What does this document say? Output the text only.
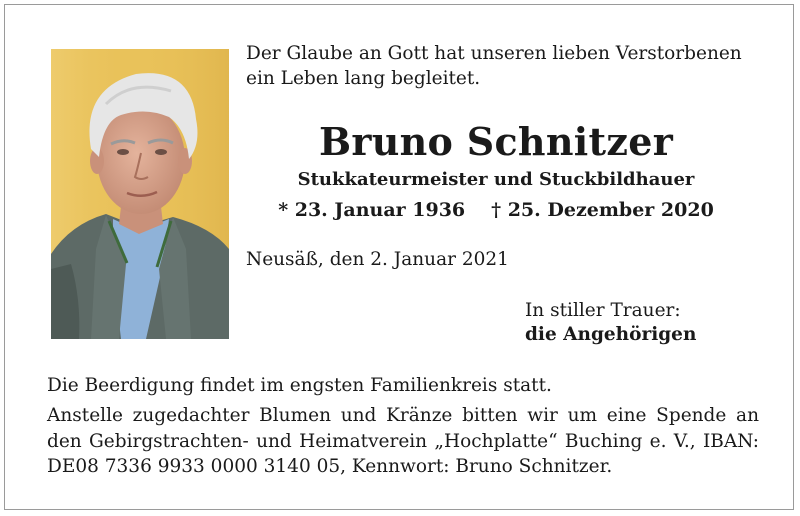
Der Glaube an Gott hat unseren lieben Verstorbenen
ein Leben lang begleitet.
Bruno Schnitzer
Stukkateurmeister und Stuckbildhauer
* 23. Januar 1936 † 25. Dezember 2020
Neusäß, den 2. Januar 2021
In stiller Trauer:
die Angehörigen
Die Beerdigung findet im engsten Familienkreis statt.
Anstelle zugedachter Blumen und Kränze bitten wir um eine Spende an
den Gebirgstrachten- und Heimatverein „Hochplatte“ Buching e. V., IBAN:
DE08 7336 9933 0000 3140 05, Kennwort: Bruno Schnitzer.
